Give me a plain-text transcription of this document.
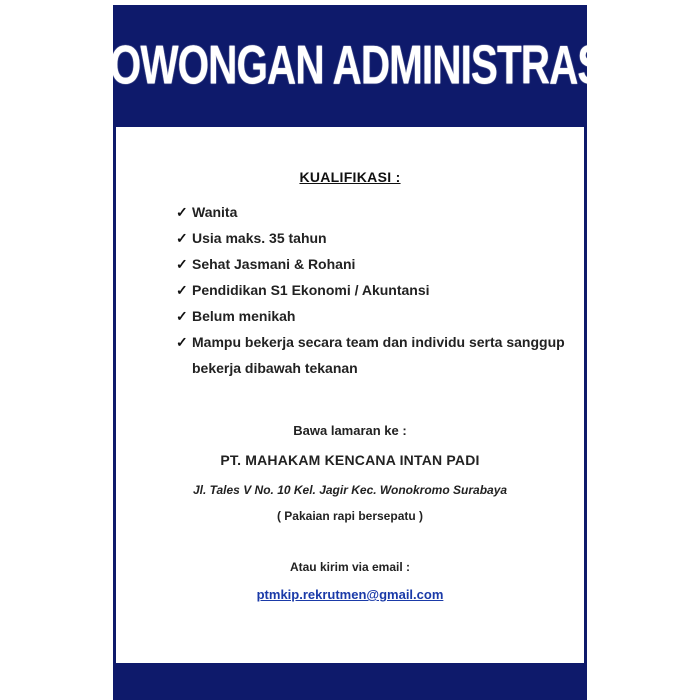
LOWONGAN ADMINISTRASI
KUALIFIKASI :
✓ Wanita
✓ Usia maks. 35 tahun
✓ Sehat Jasmani & Rohani
✓ Pendidikan S1 Ekonomi / Akuntansi
✓ Belum menikah
✓ Mampu bekerja secara team dan individu serta sanggup bekerja dibawah tekanan
Bawa lamaran ke :
PT. MAHAKAM KENCANA INTAN PADI
Jl. Tales V No. 10 Kel. Jagir Kec. Wonokromo Surabaya
( Pakaian rapi bersepatu )
Atau kirim via email :
ptmkip.rekrutmen@gmail.com
